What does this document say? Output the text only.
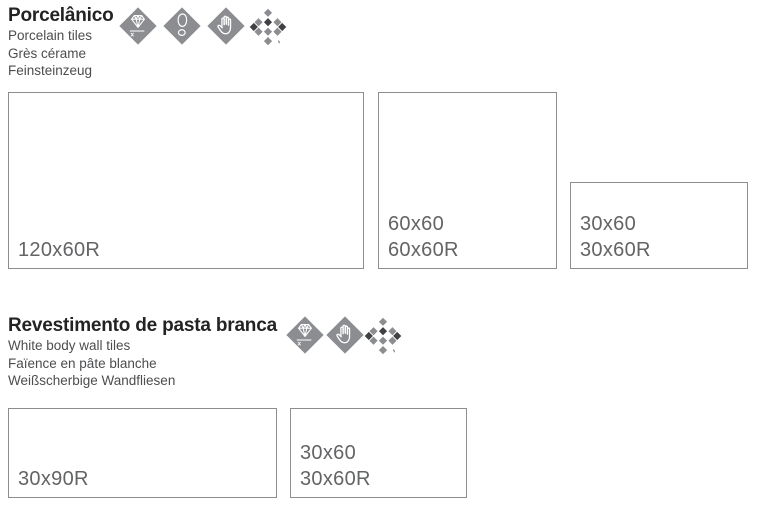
Porcelânico
Porcelain tiles
Grès cérame
Feinsteinzeug
120x60R
60x60
60x60R
30x60
30x60R
Revestimento de pasta branca
White body wall tiles
Faïence en pâte blanche
Weißscherbige Wandfliesen
30x90R
30x60
30x60R
